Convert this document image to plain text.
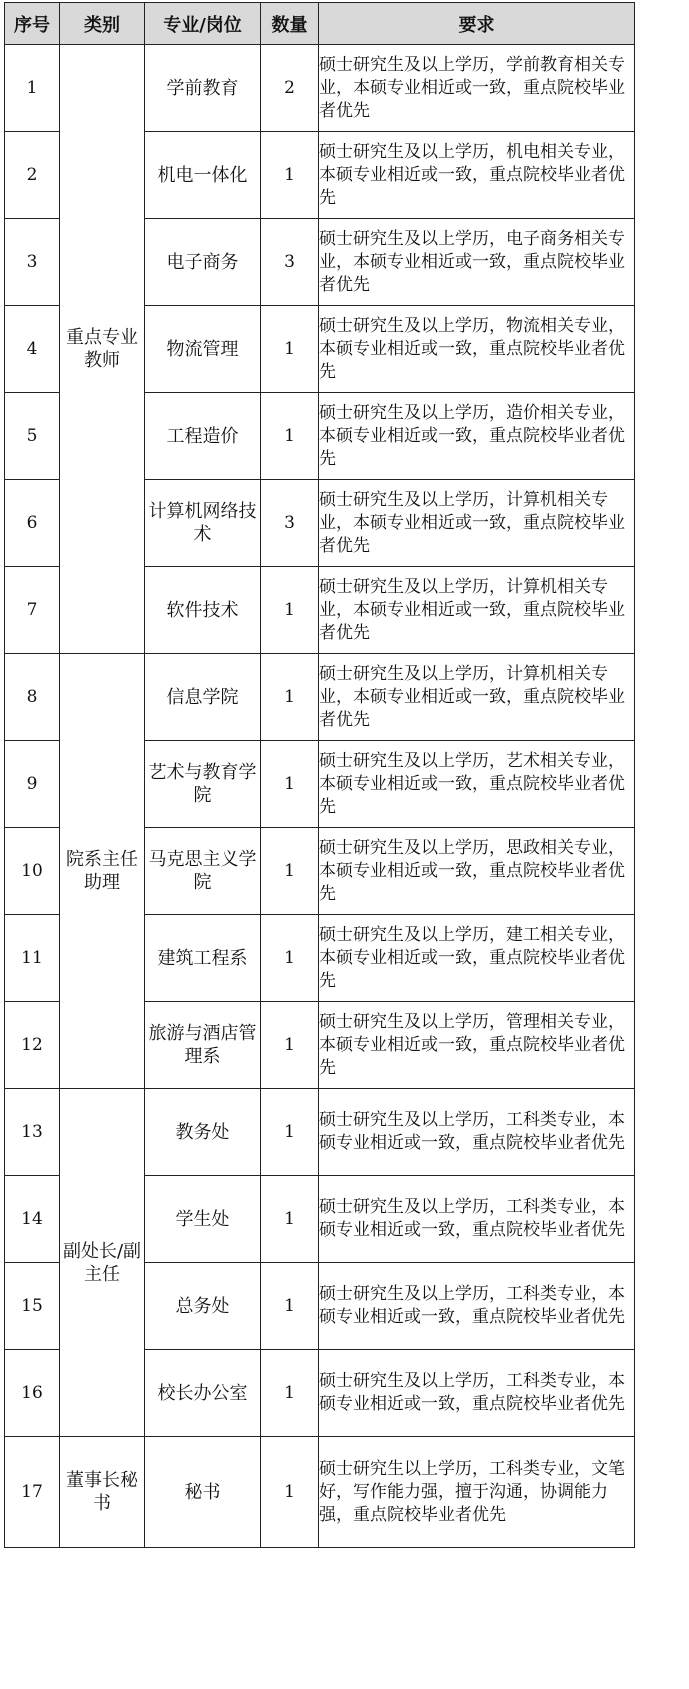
序号	类别	专业/岗位	数量	要求
1	重点专业教师	学前教育	2	硕士研究生及以上学历，学前教育相关专业，本硕专业相近或一致，重点院校毕业者优先
2		机电一体化	1	硕士研究生及以上学历，机电相关专业，本硕专业相近或一致，重点院校毕业者优先
3		电子商务	3	硕士研究生及以上学历，电子商务相关专业，本硕专业相近或一致，重点院校毕业者优先
4		物流管理	1	硕士研究生及以上学历，物流相关专业，本硕专业相近或一致，重点院校毕业者优先
5		工程造价	1	硕士研究生及以上学历，造价相关专业，本硕专业相近或一致，重点院校毕业者优先
6		计算机网络技术	3	硕士研究生及以上学历，计算机相关专业，本硕专业相近或一致，重点院校毕业者优先
7		软件技术	1	硕士研究生及以上学历，计算机相关专业，本硕专业相近或一致，重点院校毕业者优先
8	院系主任助理	信息学院	1	硕士研究生及以上学历，计算机相关专业，本硕专业相近或一致，重点院校毕业者优先
9		艺术与教育学院	1	硕士研究生及以上学历，艺术相关专业，本硕专业相近或一致，重点院校毕业者优先
10		马克思主义学院	1	硕士研究生及以上学历，思政相关专业，本硕专业相近或一致，重点院校毕业者优先
11		建筑工程系	1	硕士研究生及以上学历，建工相关专业，本硕专业相近或一致，重点院校毕业者优先
12		旅游与酒店管理系	1	硕士研究生及以上学历，管理相关专业，本硕专业相近或一致，重点院校毕业者优先
13	副处长/副主任	教务处	1	硕士研究生及以上学历，工科类专业，本硕专业相近或一致，重点院校毕业者优先
14		学生处	1	硕士研究生及以上学历，工科类专业，本硕专业相近或一致，重点院校毕业者优先
15		总务处	1	硕士研究生及以上学历，工科类专业，本硕专业相近或一致，重点院校毕业者优先
16		校长办公室	1	硕士研究生及以上学历，工科类专业，本硕专业相近或一致，重点院校毕业者优先
17	董事长秘书	秘书	1	硕士研究生以上学历，工科类专业，文笔好，写作能力强，擅于沟通，协调能力强，重点院校毕业者优先
